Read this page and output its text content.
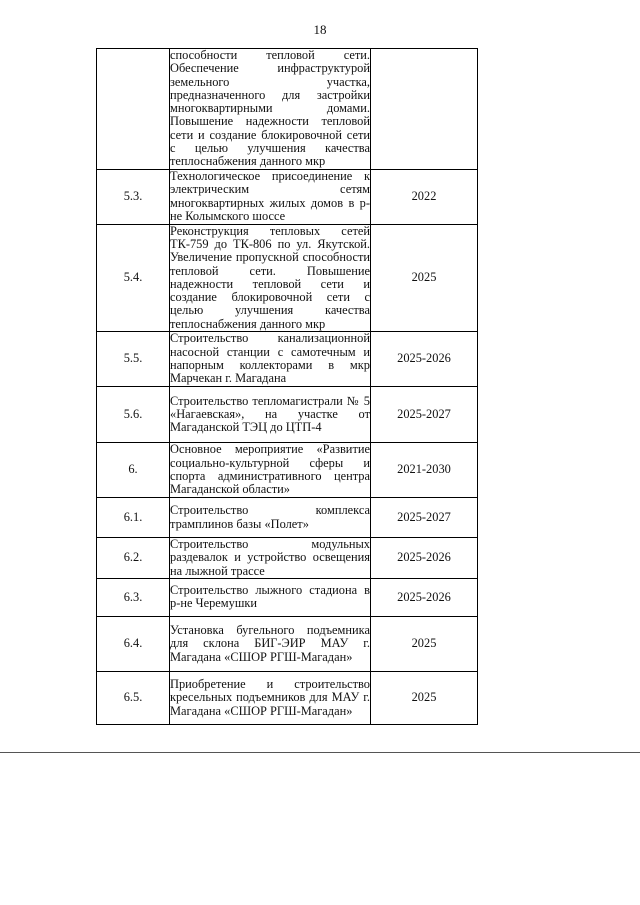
18

	способности тепловой сети. Обеспечение инфраструктурой земельного участка, предназначенного для застройки многоквартирными домами. Повышение надежности тепловой сети и создание блокировочной сети с целью улучшения качества теплоснабжения данного мкр	

5.3.	Технологическое присоединение к электрическим сетям многоквартирных жилых домов в р-не Колымского шоссе	2022
5.4.	Реконструкция тепловых сетей ТК-759 до ТК-806 по ул. Якутской. Увеличение пропускной способности тепловой сети. Повышение надежности тепловой сети и создание блокировочной сети с целью улучшения качества теплоснабжения данного мкр	2025
5.5.	Строительство канализационной насосной станции с самотечным и напорным коллекторами в мкр Марчекан г. Магадана	2025-2026
5.6.	Строительство тепломагистрали № 5 «Нагаевская», на участке от Магаданской ТЭЦ до ЦТП-4	2025-2027
6.	Основное мероприятие «Развитие социально-культурной сферы и спорта административного центра Магаданской области»	2021-2030
6.1.	Строительство комплекса трамплинов базы «Полет»	2025-2027
6.2.	Строительство модульных раздевалок и устройство освещения на лыжной трассе	2025-2026
6.3.	Строительство лыжного стадиона в р-не Черемушки	2025-2026
6.4.	Установка бугельного подъемника для склона БИГ-ЭИР МАУ г. Магадана «СШОР РГШ-Магадан»	2025
6.5.	Приобретение и строительство кресельных подъемников для МАУ г. Магадана «СШОР РГШ-Магадан»	2025
